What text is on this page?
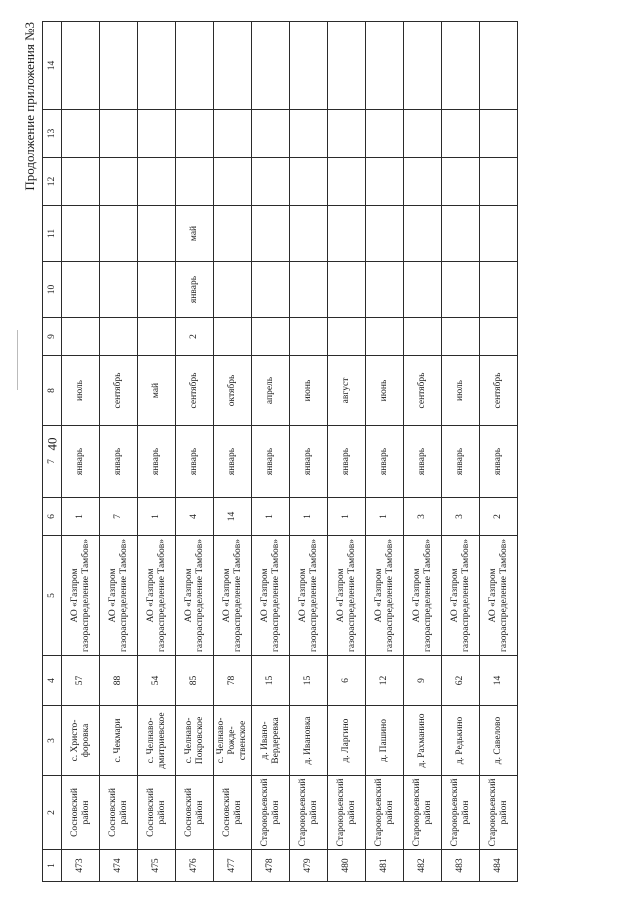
40
Продолжение приложения №3
1	2	3	4	5	6	7	8	9	10	11	12	13	14
473	Сосновский район	с. Христо-форовка	57	АО «Газпром газораспределение Тамбов»	1	январь	июль						
474	Сосновский район	с. Чекмари	88	АО «Газпром газораспределение Тамбов»	7	январь	сентябрь						
475	Сосновский район	с. Челнаво-дмитриевское	54	АО «Газпром газораспределение Тамбов»	1	январь	май						
476	Сосновский район	с. Челнаво-Покровское	85	АО «Газпром газораспределение Тамбов»	4	январь	сентябрь	2	январь	май			
477	Сосновский район	с. Челнаво-Рожде-ственское	78	АО «Газпром газораспределение Тамбов»	14	январь	октябрь						
478	Староюрьевский район	д. Ивано-Вердеревка	15	АО «Газпром газораспределение Тамбов»	1	январь	апрель						
479	Староюрьевский район	д. Ивановка	15	АО «Газпром газораспределение Тамбов»	1	январь	июнь						
480	Староюрьевский район	д. Ларгино	6	АО «Газпром газораспределение Тамбов»	1	январь	август						
481	Староюрьевский район	д. Пашино	12	АО «Газпром газораспределение Тамбов»	1	январь	июнь						
482	Староюрьевский район	д. Рахманино	9	АО «Газпром газораспределение Тамбов»	3	январь	сентябрь						
483	Староюрьевский район	д. Редькино	62	АО «Газпром газораспределение Тамбов»	3	январь	июль						
484	Староюрьевский район	д. Савелово	14	АО «Газпром газораспределение Тамбов»	2	январь	сентябрь						
